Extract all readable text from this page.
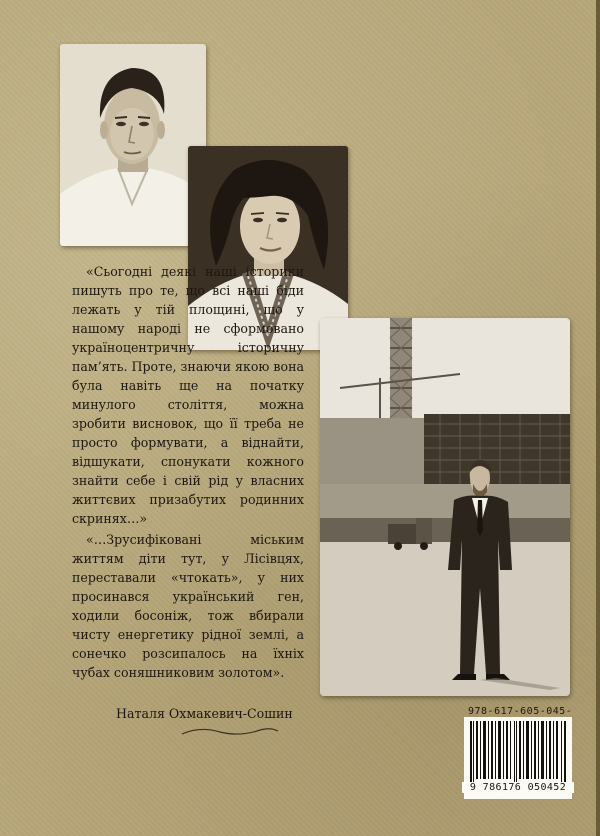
«Сьогодні деякі наші історики пишуть про те, що всі наші біди лежать у тій площині, що у нашому народі не сформовано україноцентричну історичну пам’ять. Проте, знаючи якою вона була навіть ще на початку минулого століття, можна зробити висновок, що її треба не просто формувати, а віднайти, відшукати, спонукати кожного знайти себе і свій рід у власних життєвих призабутих родинних скринях…»

«…Зрусифіковані міським життям діти тут, у Лісівцях, переставали «чтокать», у них просинався український ген, ходили босоніж, тож вбирали чисту енергетику рідної землі, а сонечко розсипалось на їхніх чубах соняшниковим золотом».

Наталя Охмакевич-Сошин	978-617-605-045-
9 786176 050452
